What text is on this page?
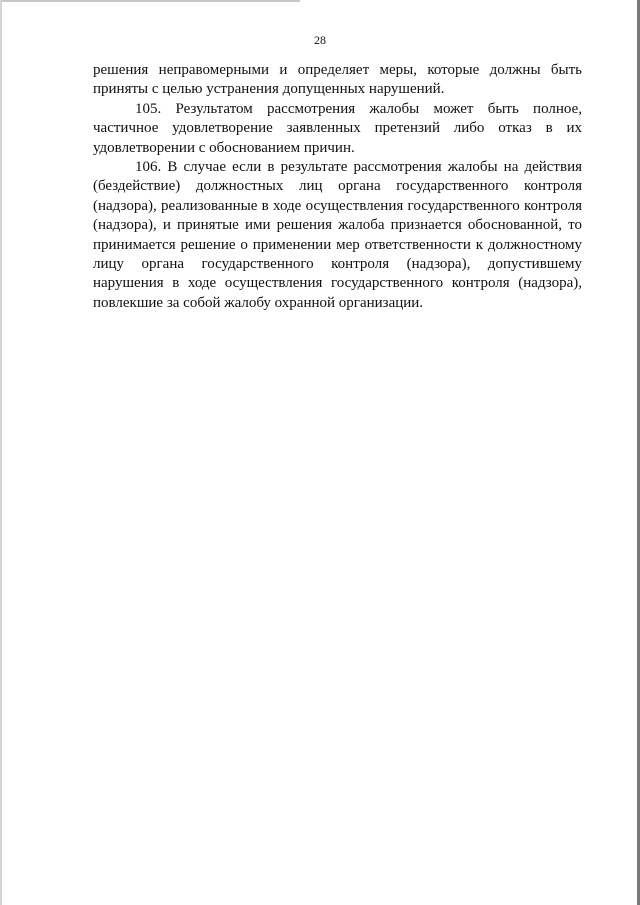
28

решения неправомерными и определяет меры, которые должны быть приняты с целью устранения допущенных нарушений.

105. Результатом рассмотрения жалобы может быть полное, частичное удовлетворение заявленных претензий либо отказ в их удовлетворении с обоснованием причин.

106. В случае если в результате рассмотрения жалобы на действия (бездействие) должностных лиц органа государственного контроля (надзора), реализованные в ходе осуществления государственного контроля (надзора), и принятые ими решения жалоба признается обоснованной, то принимается решение о применении мер ответственности к должностному лицу органа государственного контроля (надзора), допустившему нарушения в ходе осуществления государственного контроля (надзора), повлекшие за собой жалобу охранной организации.
